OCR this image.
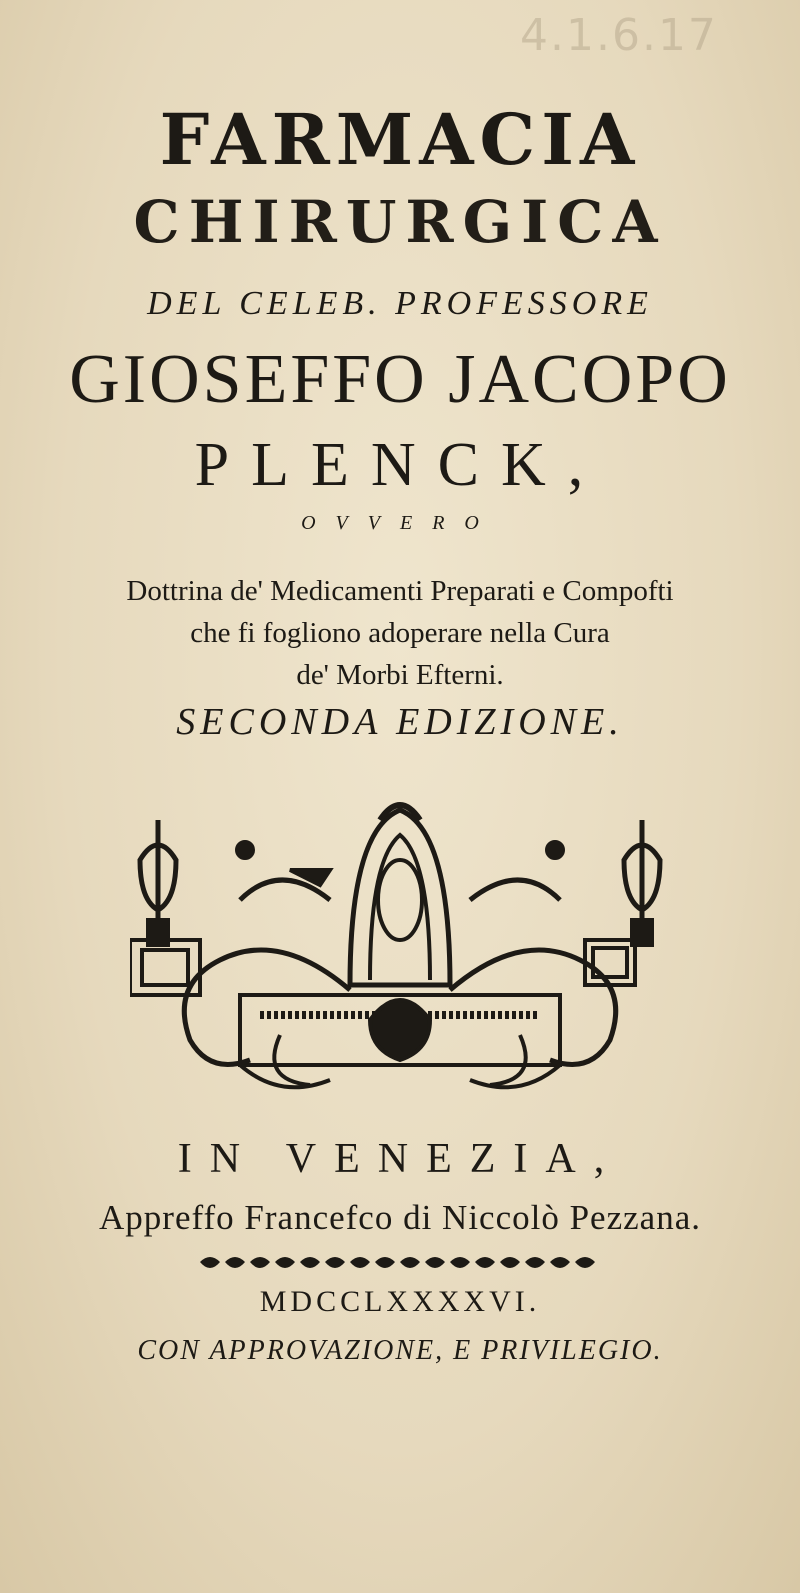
4.1.6.17
FARMACIA
CHIRURGICA
DEL CELEB. PROFESSORE
GIOSEFFO JACOPO
PLENCK,
OVVERO
Dottrina de' Medicamenti Preparati e Compofti
che fi fogliono adoperare nella Cura
de' Morbi Efterni.
SECONDA EDIZIONE.
IN VENEZIA,
Appreffo Francefco di Niccolò Pezzana.
MDCCLXXXXVI.
CON APPROVAZIONE, E PRIVILEGIO.
